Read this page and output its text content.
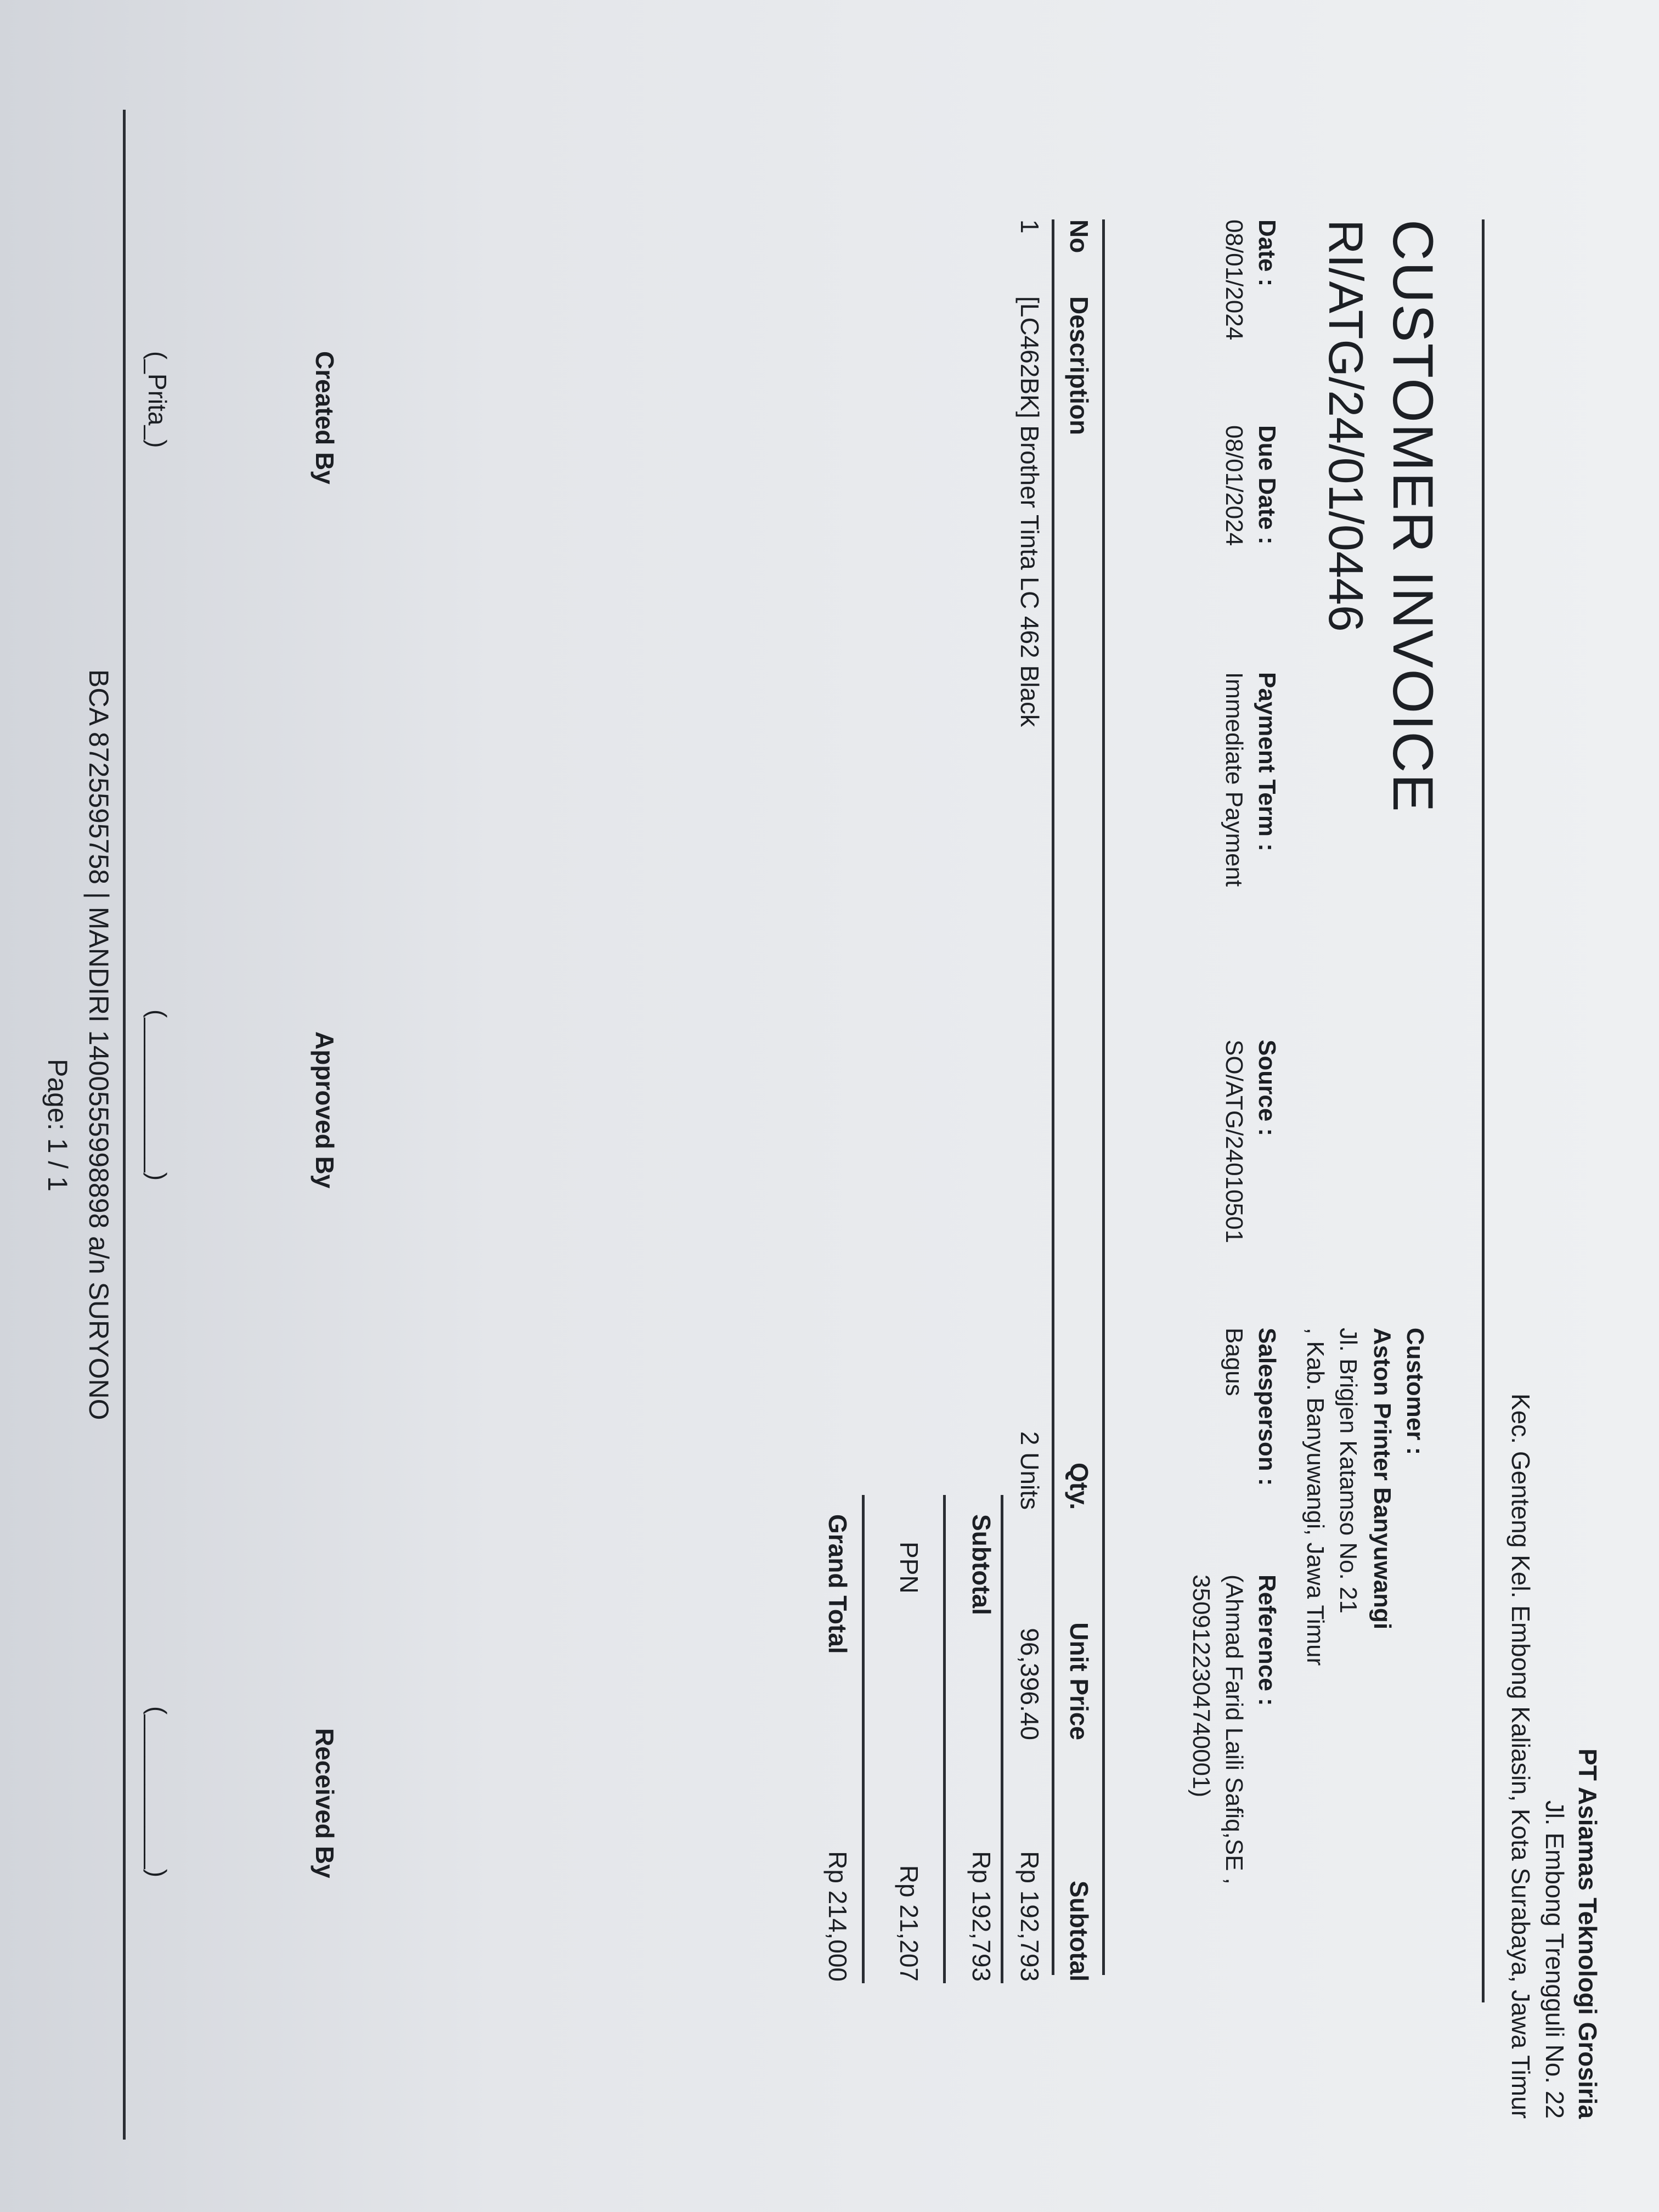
PT Asiamas Teknologi Grosiria
Jl. Embong Trengguli No. 22
Kec. Genteng Kel. Embong Kaliasin, Kota Surabaya, Jawa Timur
CUSTOMER INVOICE
RI/ATG/24/01/0446
Customer :
Aston Printer Banyuwangi
Jl. Brigjen Katamso No. 21
, Kab. Banyuwangi, Jawa Timur
Date :
08/01/2024
Due Date :
08/01/2024
Payment Term :
Immediate Payment
Source :
SO/ATG/24010501
Salesperson :
Bagus
Reference :
(Ahmad Farid Laili Safiq,SE ,
3509122304740001)
No
Description
Qty.
Unit Price
Subtotal
1
[LC462BK] Brother Tinta LC 462 Black
2 Units
96,396.40
Rp 192,793
Subtotal
Rp 192,793
PPN
Rp 21,207
Grand Total
Rp 214,000
Created By
Approved By
Received By
(_Prita_)
(___________)
(___________)
BCA 8725595758 | MANDIRI 1400555998898 a/n SURYONO
Page: 1 / 1
